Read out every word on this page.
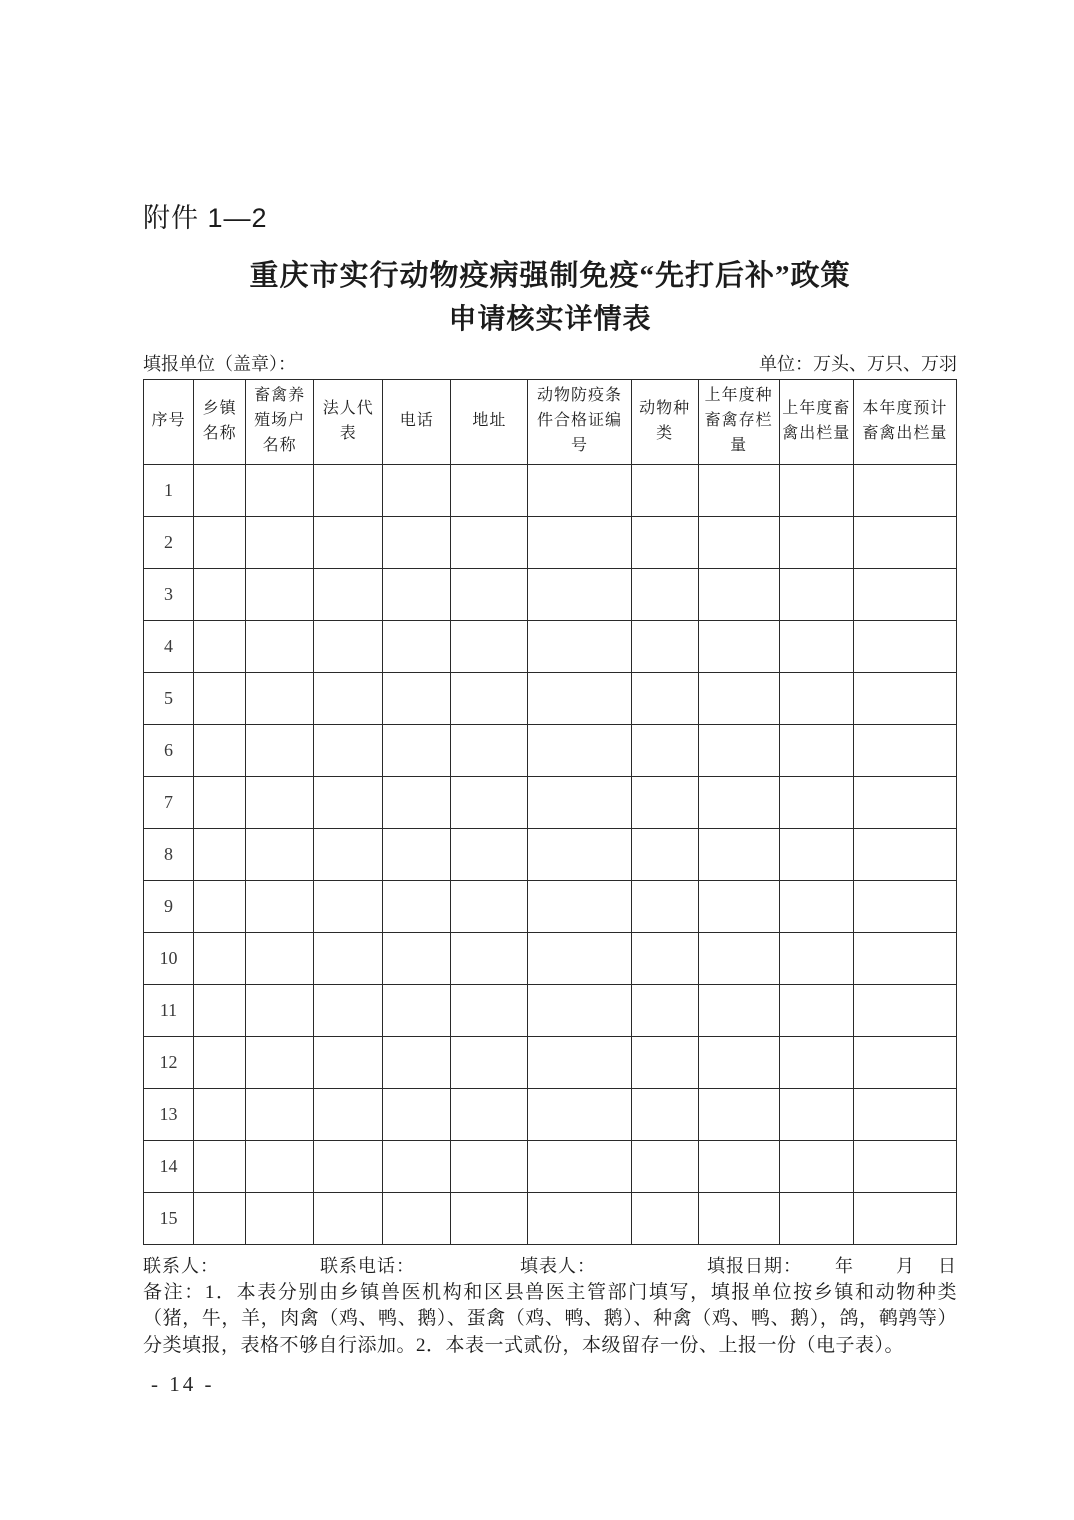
附件 1—2
重庆市实行动物疫病强制免疫“先打后补”政策
申请核实详情表
填报单位（盖章）：	单位：万头、万只、万羽
序号	乡镇名称	畜禽养殖场户名称	法人代表	电话	地址	动物防疫条件合格证编号	动物种类	上年度种畜禽存栏量	上年度畜禽出栏量	本年度预计畜禽出栏量
1										
2										
3										
4										
5										
6										
7										
8										
9										
10										
11										
12										
13										
14										
15										
联系人：	联系电话：	填表人：	填报日期： 年 月 日
备注：1．本表分别由乡镇兽医机构和区县兽医主管部门填写，填报单位按乡镇和动物种类（猪，牛，羊，肉禽（鸡、鸭、鹅）、蛋禽（鸡、鸭、鹅）、种禽（鸡、鸭、鹅），鸽，鹌鹑等）分类填报，表格不够自行添加。2．本表一式贰份，本级留存一份、上报一份（电子表）。
- 14 -
